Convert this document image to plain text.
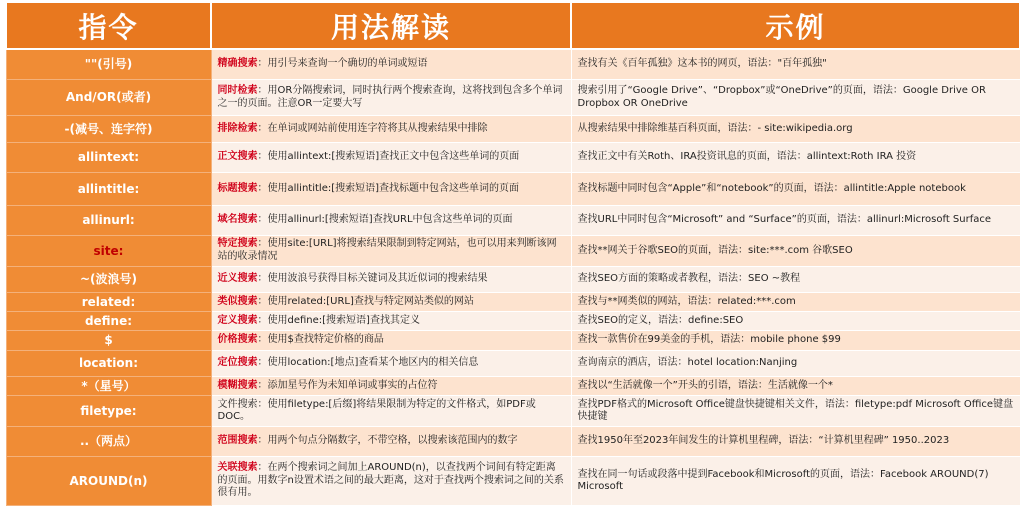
指令	用法解读	示例
""(引号)	精确搜索：用引号来查询一个确切的单词或短语	查找有关《百年孤独》这本书的网页，语法："百年孤独"
And/OR(或者)	同时检索：用OR分隔搜索词，同时执行两个搜索查询，这将找到包含多个单词之一的页面。注意OR一定要大写	搜索引用了“Google Drive”、“Dropbox”或“OneDrive”的页面，语法：Google Drive OR Dropbox OR OneDrive
-(减号、连字符)	排除检索：在单词或网站前使用连字符将其从搜索结果中排除	从搜索结果中排除维基百科页面，语法：- site:wikipedia.org
allintext:	正文搜索：使用allintext:[搜索短语]查找正文中包含这些单词的页面	查找正文中有关Roth、IRA投资讯息的页面，语法：allintext:Roth IRA 投资
allintitle:	标题搜索：使用allintitle:[搜索短语]查找标题中包含这些单词的页面	查找标题中同时包含“Apple”和“notebook”的页面，语法：allintitle:Apple notebook
allinurl:	域名搜索：使用allinurl:[搜索短语]查找URL中包含这些单词的页面	查找URL中同时包含“Microsoft” and “Surface”的页面，语法：allinurl:Microsoft Surface
site:	特定搜索：使用site:[URL]将搜索结果限制到特定网站，也可以用来判断该网站的收录情况	查找**网关于谷歌SEO的页面，语法：site:***.com 谷歌SEO
~(波浪号)	近义搜索：使用波浪号获得目标关键词及其近似词的搜索结果	查找SEO方面的策略或者教程，语法：SEO ~教程
related:	类似搜索：使用related:[URL]查找与特定网站类似的网站	查找与**网类似的网站，语法：related:***.com
define:	定义搜索：使用define:[搜索短语]查找其定义	查找SEO的定义，语法：define:SEO
$	价格搜索：使用$查找特定价格的商品	查找一款售价在99美金的手机，语法：mobile phone $99
location:	定位搜索：使用location:[地点]查看某个地区内的相关信息	查询南京的酒店，语法：hotel location:Nanjing
*（星号）	模糊搜索：添加星号作为未知单词或事实的占位符	查找以“生活就像一个”开头的引语，语法：生活就像一个*
filetype:	文件搜索：使用filetype:[后缀]将结果限制为特定的文件格式，如PDF或DOC。	查找PDF格式的Microsoft Office键盘快捷键相关文件，语法：filetype:pdf Microsoft Office键盘快捷键
..（两点）	范围搜索：用两个句点分隔数字，不带空格，以搜索该范围内的数字	查找1950年至2023年间发生的计算机里程碑，语法：“计算机里程碑” 1950..2023
AROUND(n)	关联搜索：在两个搜索词之间加上AROUND(n)，以查找两个词间有特定距离的页面。用数字n设置术语之间的最大距离，这对于查找两个搜索词之间的关系很有用。	查找在同一句话或段落中提到Facebook和Microsoft的页面，语法：Facebook AROUND(7) Microsoft
